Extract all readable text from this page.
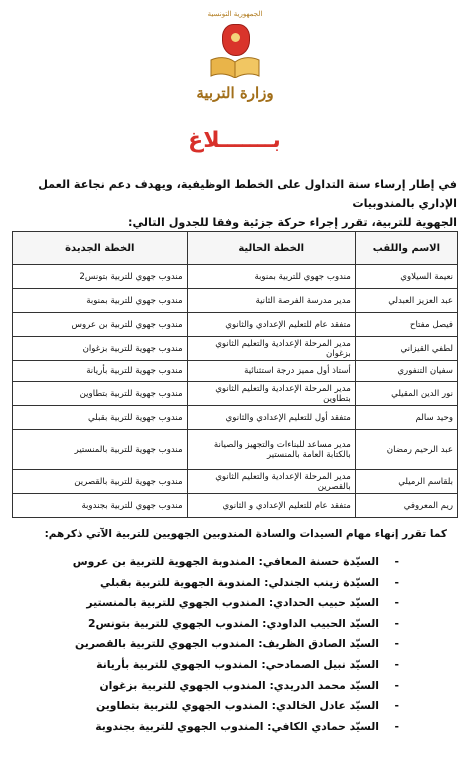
الجمهورية التونسية
وزارة التربية
بـــــــلاغ
في إطار إرساء سنة التداول على الخطط الوظيفية، ويهدف دعم نجاعة العمل الإداري بالمندوبيات
الجهوية للتربية، تقرر إجراء حركة جزئية وفقا للجدول التالي:
الاسم واللقب	الخطة الحالية	الخطة الجديدة
نعيمة السيلاوي	مندوب جهوي للتربية بمنوبة	مندوب جهوي للتربية بتونس2
عبد العزيز العبدلي	مدير مدرسة الفرصة الثانية	مندوب جهوي للتربية بمنوبة
فيصل مفتاح	متفقد عام للتعليم الإعدادي والثانوي	مندوب جهوي للتربية بن عروس
لطفي القيزاني	مدير المرحلة الإعدادية والتعليم الثانوي بزغوان	مندوب جهوية للتربية بزغوان
سفيان التنفوري	أستاذ أول مميز درجة استثنائية	مندوب جهوية للتربية بأريانة
نور الدين المقيلي	مدير المرحلة الإعدادية والتعليم الثانوي بتطاوين	مندوب جهوية للتربية بتطاوين
وحيد سالم	متفقد أول للتعليم الإعدادي والثانوي	مندوب جهوية للتربية بقبلي
عبد الرحيم رمضان	مدير مساعد للبناءات والتجهيز والصيانة بالكتابة العامة بالمنستير	مندوب جهوية للتربية بالمنستير
بلقاسم الرميلي	مدير المرحلة الإعدادية والتعليم الثانوي بالقصرين	مندوب جهوية للتربية بالقصرين
ريم المعروفي	متفقد عام للتعليم الإعدادي و الثانوي	مندوب جهوي للتربية بجندوبة
كما تقرر إنهاء مهام السيدات والسادة المندوبين الجهويين للتربية الآتي ذكرهم:
-
السيّدة حسنة المعافي: المندوبة الجهوية للتربية بن عروس
-
السيّدة زينب الجندلي: المندوبة الجهوية للتربية بقبلي
-
السيّد حبيب الحدادي: المندوب الجهوي للتربية بالمنستير
-
السيّد الحبيب الداودي: المندوب الجهوي للتربية بتونس2
-
السيّد الصادق الظريف: المندوب الجهوي للتربية بالقصرين
-
السيّد نبيل الصمادحي: المندوب الجهوي للتربية بأريانة
-
السيّد محمد الدريدي: المندوب الجهوي للتربية بزغوان
-
السيّد عادل الخالدي: المندوب الجهوي للتربية بتطاوين
-
السيّد حمادي الكافي: المندوب الجهوي للتربية بجندوبة
